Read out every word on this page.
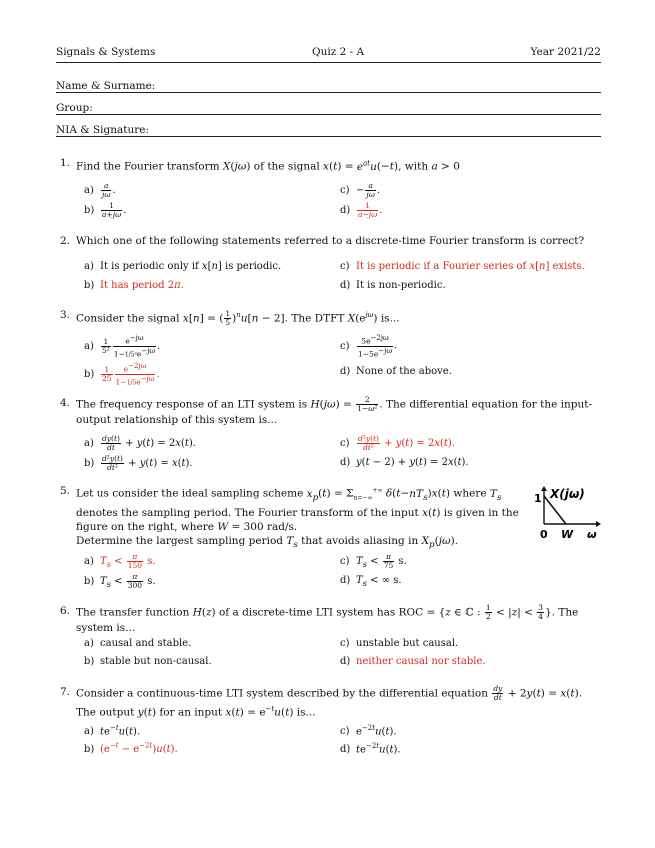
Signals & Systems	Quiz 2 - A	Year 2021/22
Name & Surname:
Group:
NIA & Signature:
1. Find the Fourier transform X(jω) of the signal $x(t) = e^{at}u(-t)$, with a > 0
$a) \frac{a}{j\omega}$ .
$b) \frac{1}{a+j\omega}$ .
$c) - \frac{a}{j\omega}$ .
$d) \frac{1}{a-j\omega}$ .
2. Which one of the following statements referred to a discrete-time Fourier transform is correct?
a) It is periodic only if x[n] is periodic.
b) It has period 2π.
c) It is periodic if a Fourier series of x[n] exists.
d) It is non-periodic.
3. Consider the signal x[n] = ( $\frac{1}{5} )^nu[n - 2]$. The DTFT $X(e^{j\omega})$ is...
$a) \frac{1}{\text{5²}} \frac{e^{-j\omega}}{1-1/5^2e^{-j\omega}}$ .
$b) \frac{1}{25} \frac{e^{-2j\omega}}{1-1/5e^{-j\omega}}$ .
$c) \frac{5e^{-2j\omega}}{1-5e^{-j\omega}}$ .
d) None of the above.
4. The frequency response of an LTI system is $H(j\omega) = \frac{2}{\text{1−ω²}}$ . The differential equation for the input-output relationship of this system is...
$a) \frac{dy(t)}{dt} + y(t) = 2x(t)$.
$b) \frac{\text{d²y(t)}}{\text{dt²}} + y(t) = x(t)$.
$c) \frac{\text{d²y(t)}}{\text{dt²}} + y(t) = 2x(t)$.
d) y(t − 2) + y(t) = 2x(t).
5. Let us consider the ideal sampling scheme $x_p(t) = \Sigma_{n=-\infty}^{+\infty}$ $\delta(t-nT_s)x(t)$ where $T_s$ denotes the sampling period. The Fourier transform of the input x(t) is given in the figure on the right, where W = 300 rad/s.
Determine the largest sampling period $T_s$ that avoids aliasing in $X_p(j\omega)$.
1 X(jω)
0 W ω
a) $T_s < \frac{\pi}{150} s$.
b) $T_s < \frac{\pi}{300} s$.
c) $T_s < \frac{\pi}{75} s$.
d) $T_s$ < ∞ s.
6. The transfer function H(z) of a discrete-time LTI system has ROC = {z ∈ ℂ : $\frac{1}{2} < |z| < \frac{3}{4}$ }. The system is...
a) causal and stable.
b) stable but non-causal.
c) unstable but causal.
d) neither causal nor stable.
7. Consider a continuous-time LTI system described by the differential equation $\frac{dy}{dt} + 2y(t) = x(t)$. The output y(t) for an input $x(t) = e^{-t}u(t)$ is...
a) $te^{-t}u(t)$.
b) $(e^{-t} - e^{-2t})u(t)$.
c) $e^{-2t}u(t)$.
d) $te^{-2t}u(t)$.
